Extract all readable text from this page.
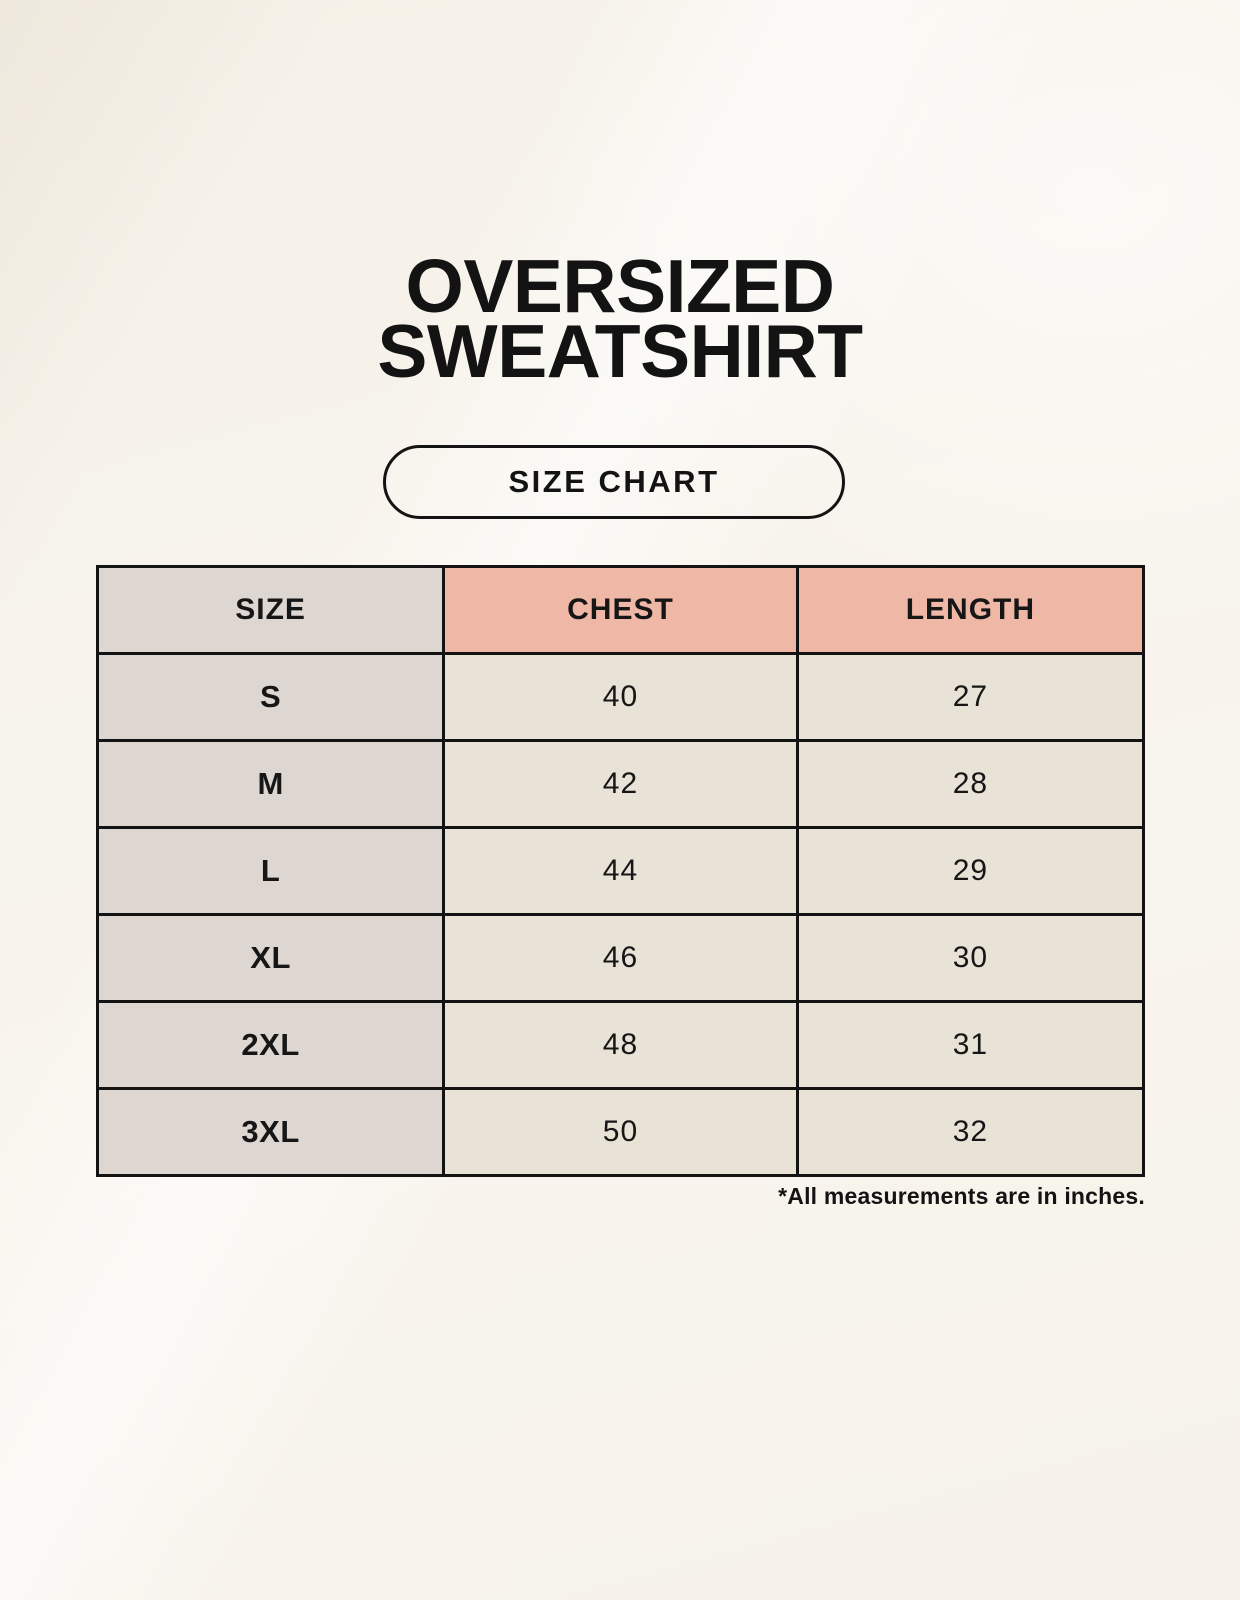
OVERSIZED
SWEATSHIRT
SIZE CHART
SIZE	CHEST	LENGTH
S	40	27
M	42	28
L	44	29
XL	46	30
2XL	48	31
3XL	50	32
*All measurements are in inches.
